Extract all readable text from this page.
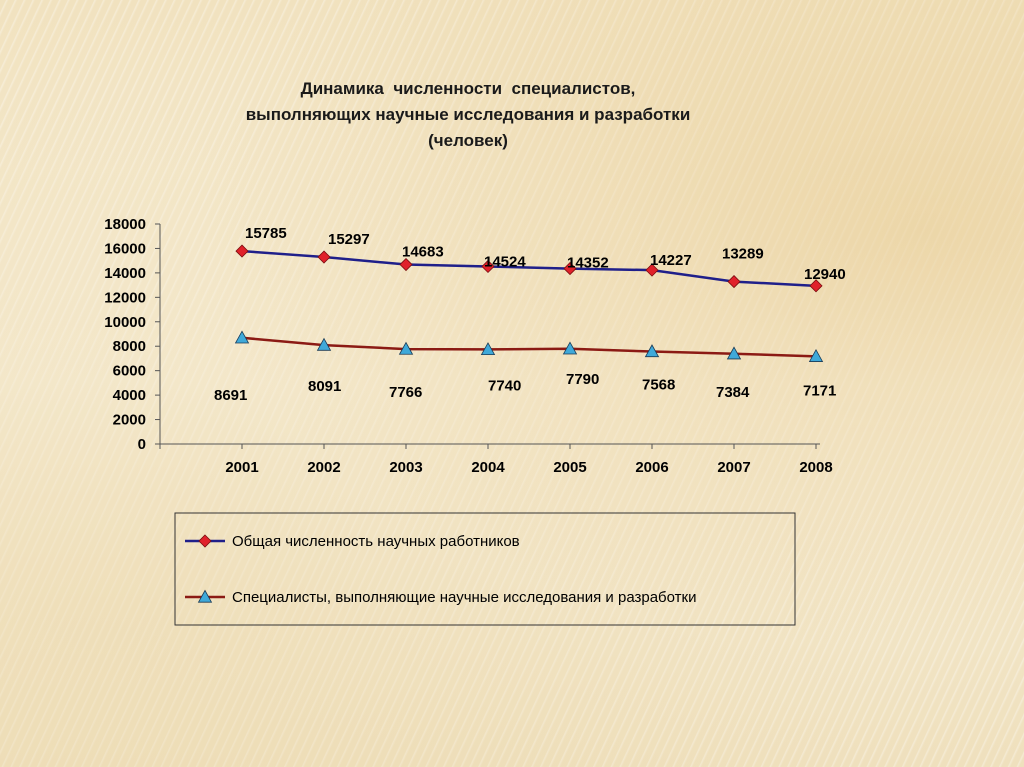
Динамика  численности  специалистов,
выполняющих научные исследования и разработки
(человек)
0
2000
4000
6000
8000
10000
12000
14000
16000
18000
2001	2002	2003	2004	2005	2006	2007	2008
15785	15297
14683
14524	14352	14227 13289
12940
8691
8091	7766	7740	7790	7568	7384	7171
Общая численность научных работников
Специалисты, выполняющие научные исследования и разработки
